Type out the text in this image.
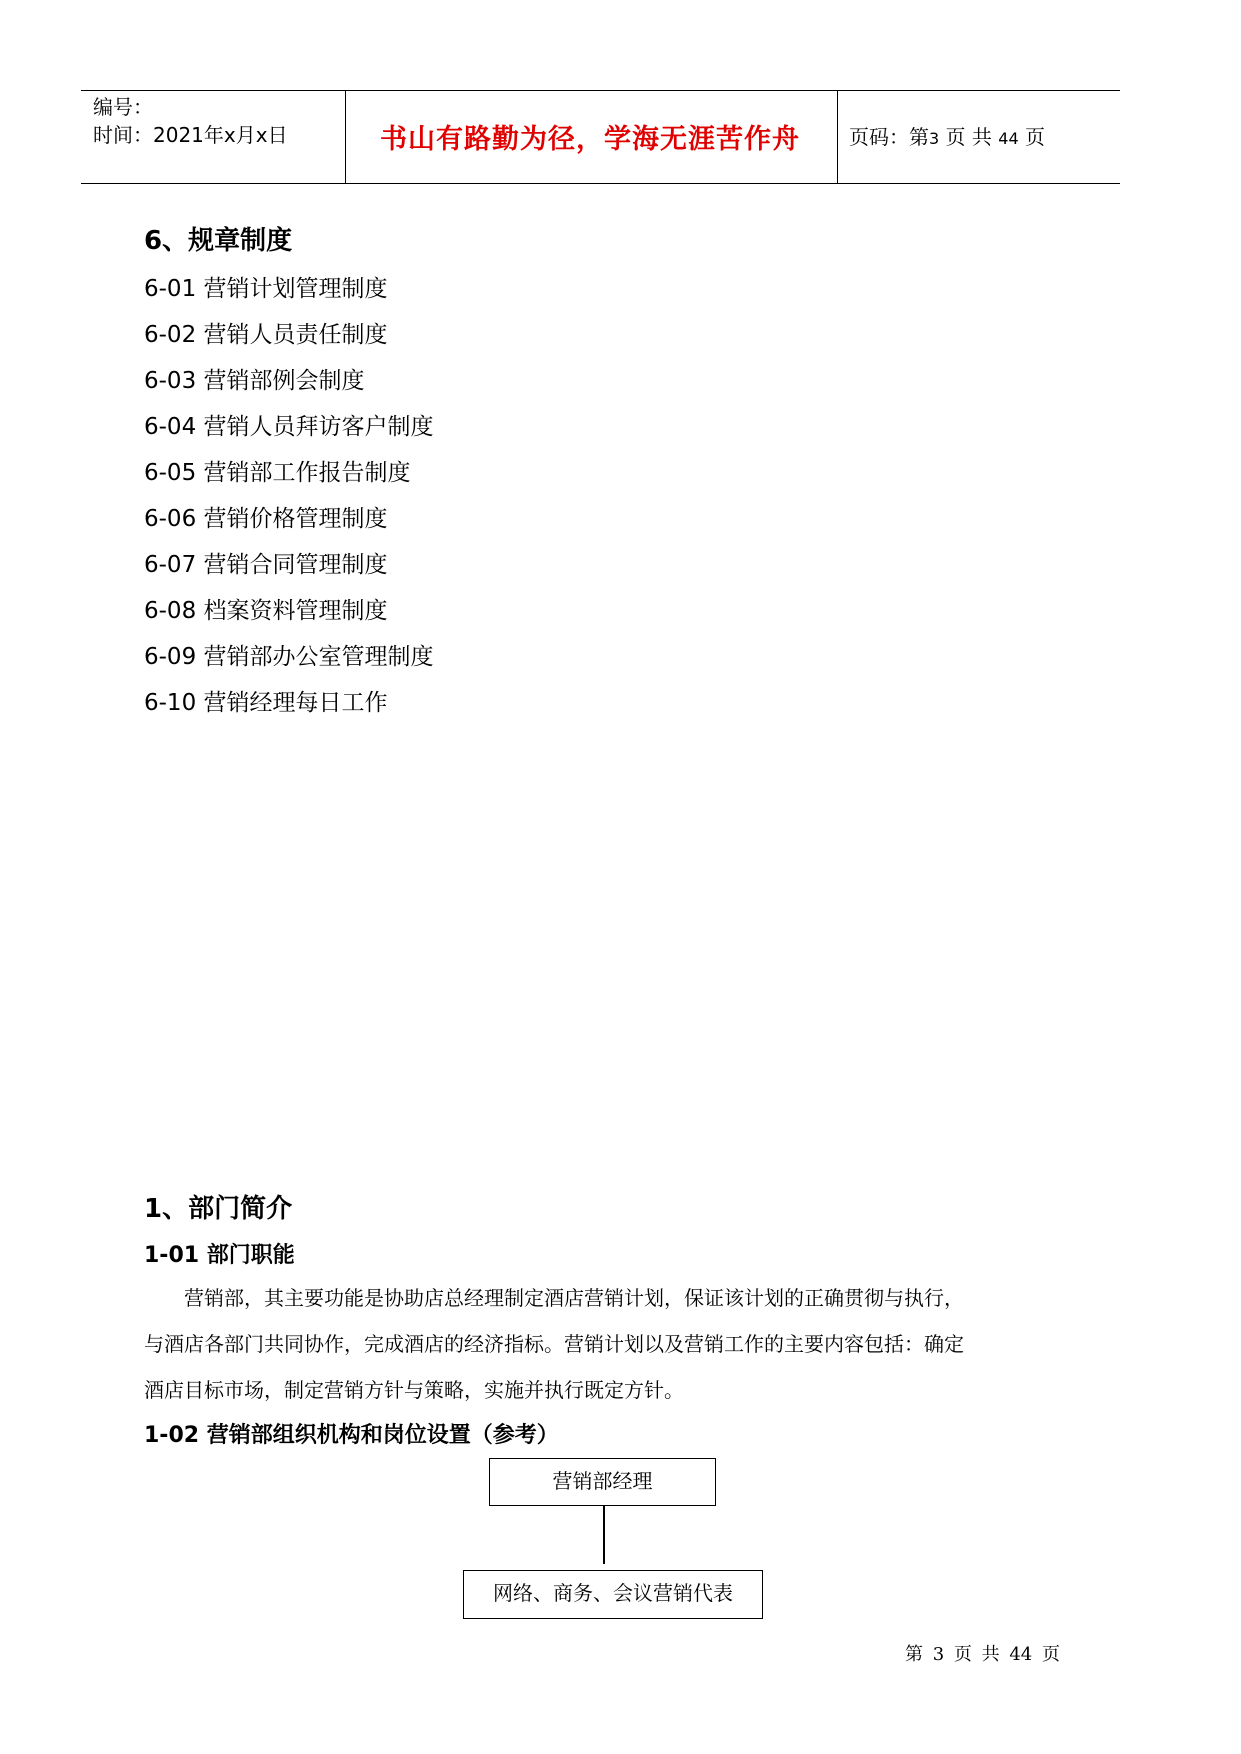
编号：
时间：2021年x月x日	书山有路勤为径，学海无涯苦作舟	页码：第3 页 共 44 页
6、规章制度
6-01 营销计划管理制度
6-02 营销人员责任制度
6-03 营销部例会制度
6-04 营销人员拜访客户制度
6-05 营销部工作报告制度
6-06 营销价格管理制度
6-07 营销合同管理制度
6-08 档案资料管理制度
6-09 营销部办公室管理制度
6-10 营销经理每日工作
1、部门简介
1-01 部门职能
　　营销部，其主要功能是协助店总经理制定酒店营销计划，保证该计划的正确贯彻与执行，
与酒店各部门共同协作，完成酒店的经济指标。营销计划以及营销工作的主要内容包括：确定
酒店目标市场，制定营销方针与策略，实施并执行既定方针。
1-02 营销部组织机构和岗位设置（参考）
营销部经理
网络、商务、会议营销代表
第 3 页 共 44 页
